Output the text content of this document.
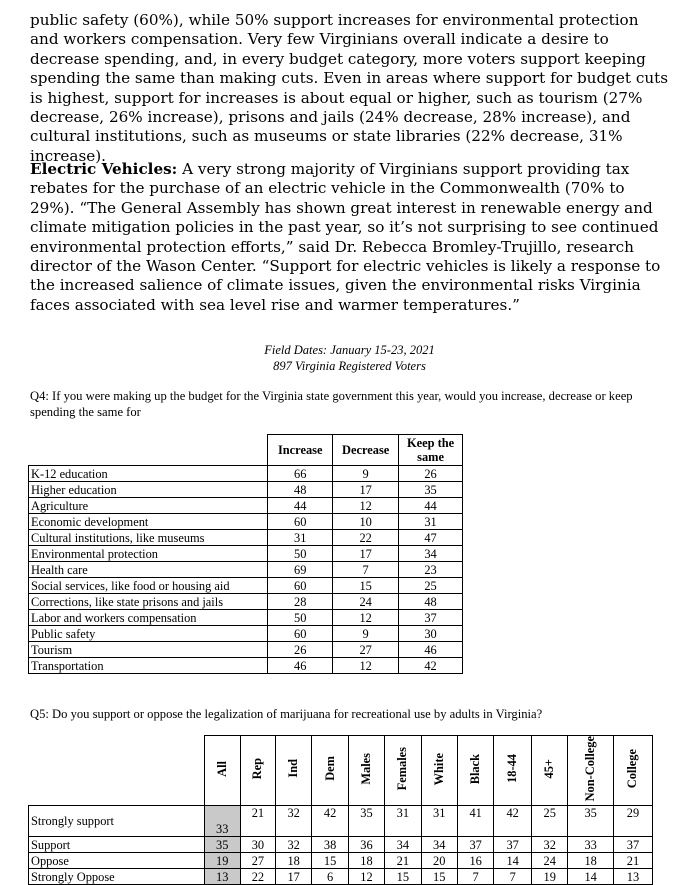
public safety (60%), while 50% support increases for environmental protection and workers compensation. Very few Virginians overall indicate a desire to decrease spending, and, in every budget category, more voters support keeping spending the same than making cuts. Even in areas where support for budget cuts is highest, support for increases is about equal or higher, such as tourism (27% decrease, 26% increase), prisons and jails (24% decrease, 28% increase), and cultural institutions, such as museums or state libraries (22% decrease, 31% increase).

Electric Vehicles: A very strong majority of Virginians support providing tax rebates for the purchase of an electric vehicle in the Commonwealth (70% to 29%). “The General Assembly has shown great interest in renewable energy and climate mitigation policies in the past year, so it’s not surprising to see continued environmental protection efforts,” said Dr. Rebecca Bromley-Trujillo, research director of the Wason Center. “Support for electric vehicles is likely a response to the increased salience of climate issues, given the environmental risks Virginia faces associated with sea level rise and warmer temperatures.”

Field Dates: January 15-23, 2021
897 Virginia Registered Voters

Q4: If you were making up the budget for the Virginia state government this year, would you increase, decrease or keep spending the same for

	Increase	Decrease	Keep the same
K-12 education	66	9	26
Higher education	48	17	35
Agriculture	44	12	44
Economic development	60	10	31
Cultural institutions, like museums	31	22	47
Environmental protection	50	17	34
Health care	69	7	23
Social services, like food or housing aid	60	15	25
Corrections, like state prisons and jails	28	24	48
Labor and workers compensation	50	12	37
Public safety	60	9	30
Tourism	26	27	46
Transportation	46	12	42

Q5: Do you support or oppose the legalization of marijuana for recreational use by adults in Virginia?

	All	Rep	Ind	Dem	Males	Females	White	Black	18-44	45+	Non-College	College
Strongly support	33	21	32	42	35	31	31	41	42	25	35	29
Support	35	30	32	38	36	34	34	37	37	32	33	37
Oppose	19	27	18	15	18	21	20	16	14	24	18	21
Strongly Oppose	13	22	17	6	12	15	15	7	7	19	14	13
